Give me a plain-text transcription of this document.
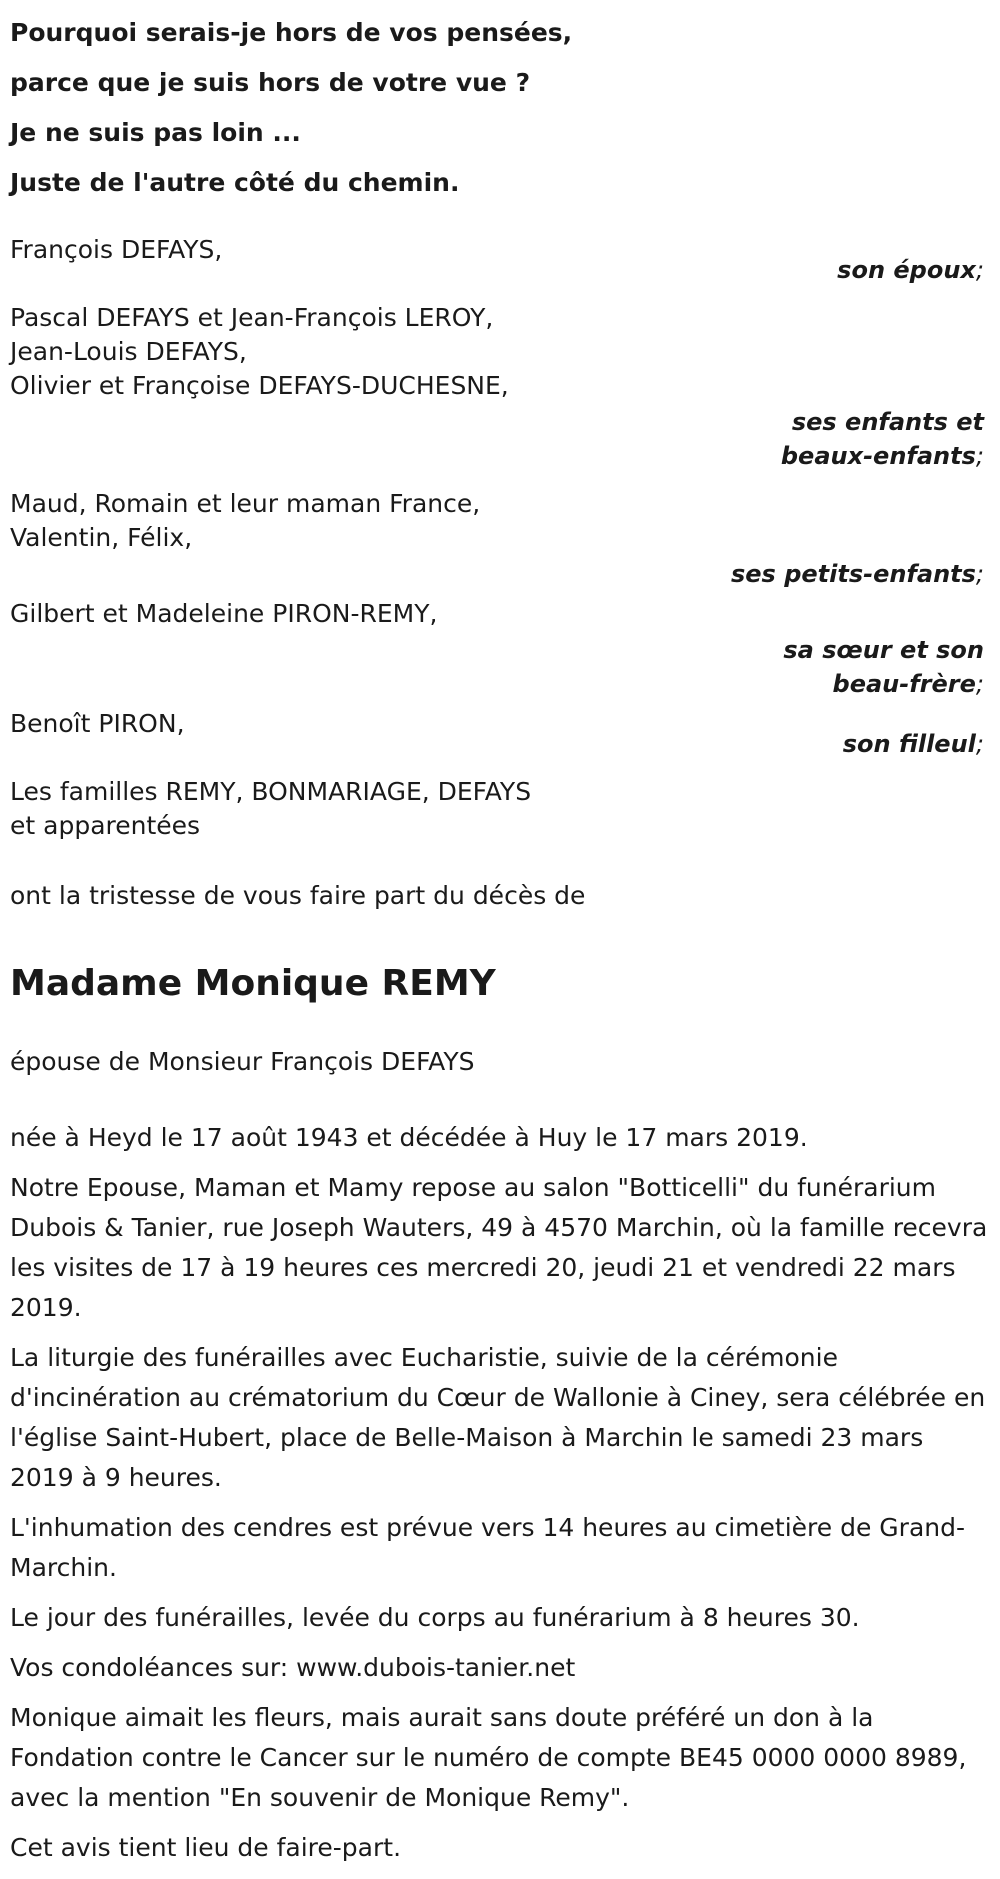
Pourquoi serais-je hors de vos pensées,

parce que je suis hors de votre vue ?

Je ne suis pas loin ...

Juste de l'autre côté du chemin.

François DEFAYS,
son époux;
Pascal DEFAYS et Jean-François LEROY,
Jean-Louis DEFAYS,
Olivier et Françoise DEFAYS-DUCHESNE,
ses enfants et
beaux-enfants;
Maud, Romain et leur maman France,
Valentin, Félix,
ses petits-enfants;
Gilbert et Madeleine PIRON-REMY,
sa sœur et son
beau-frère;
Benoît PIRON,
son filleul;
Les familles REMY, BONMARIAGE, DEFAYS
et apparentées
ont la tristesse de vous faire part du décès de
Madame Monique REMY
épouse de Monsieur François DEFAYS

née à Heyd le 17 août 1943 et décédée à Huy le 17 mars 2019.

Notre Epouse, Maman et Mamy repose au salon "Botticelli" du funérarium Dubois & Tanier, rue Joseph Wauters, 49 à 4570 Marchin, où la famille recevra les visites de 17 à 19 heures ces mercredi 20, jeudi 21 et vendredi 22 mars 2019.

La liturgie des funérailles avec Eucharistie, suivie de la cérémonie d'incinération au crématorium du Cœur de Wallonie à Ciney, sera célébrée en l'église Saint-Hubert, place de Belle-Maison à Marchin le samedi 23 mars 2019 à 9 heures.

L'inhumation des cendres est prévue vers 14 heures au cimetière de Grand-Marchin.

Le jour des funérailles, levée du corps au funérarium à 8 heures 30.

Vos condoléances sur: www.dubois-tanier.net

Monique aimait les fleurs, mais aurait sans doute préféré un don à la Fondation contre le Cancer sur le numéro de compte BE45 0000 0000 8989, avec la mention "En souvenir de Monique Remy".

Cet avis tient lieu de faire-part.
